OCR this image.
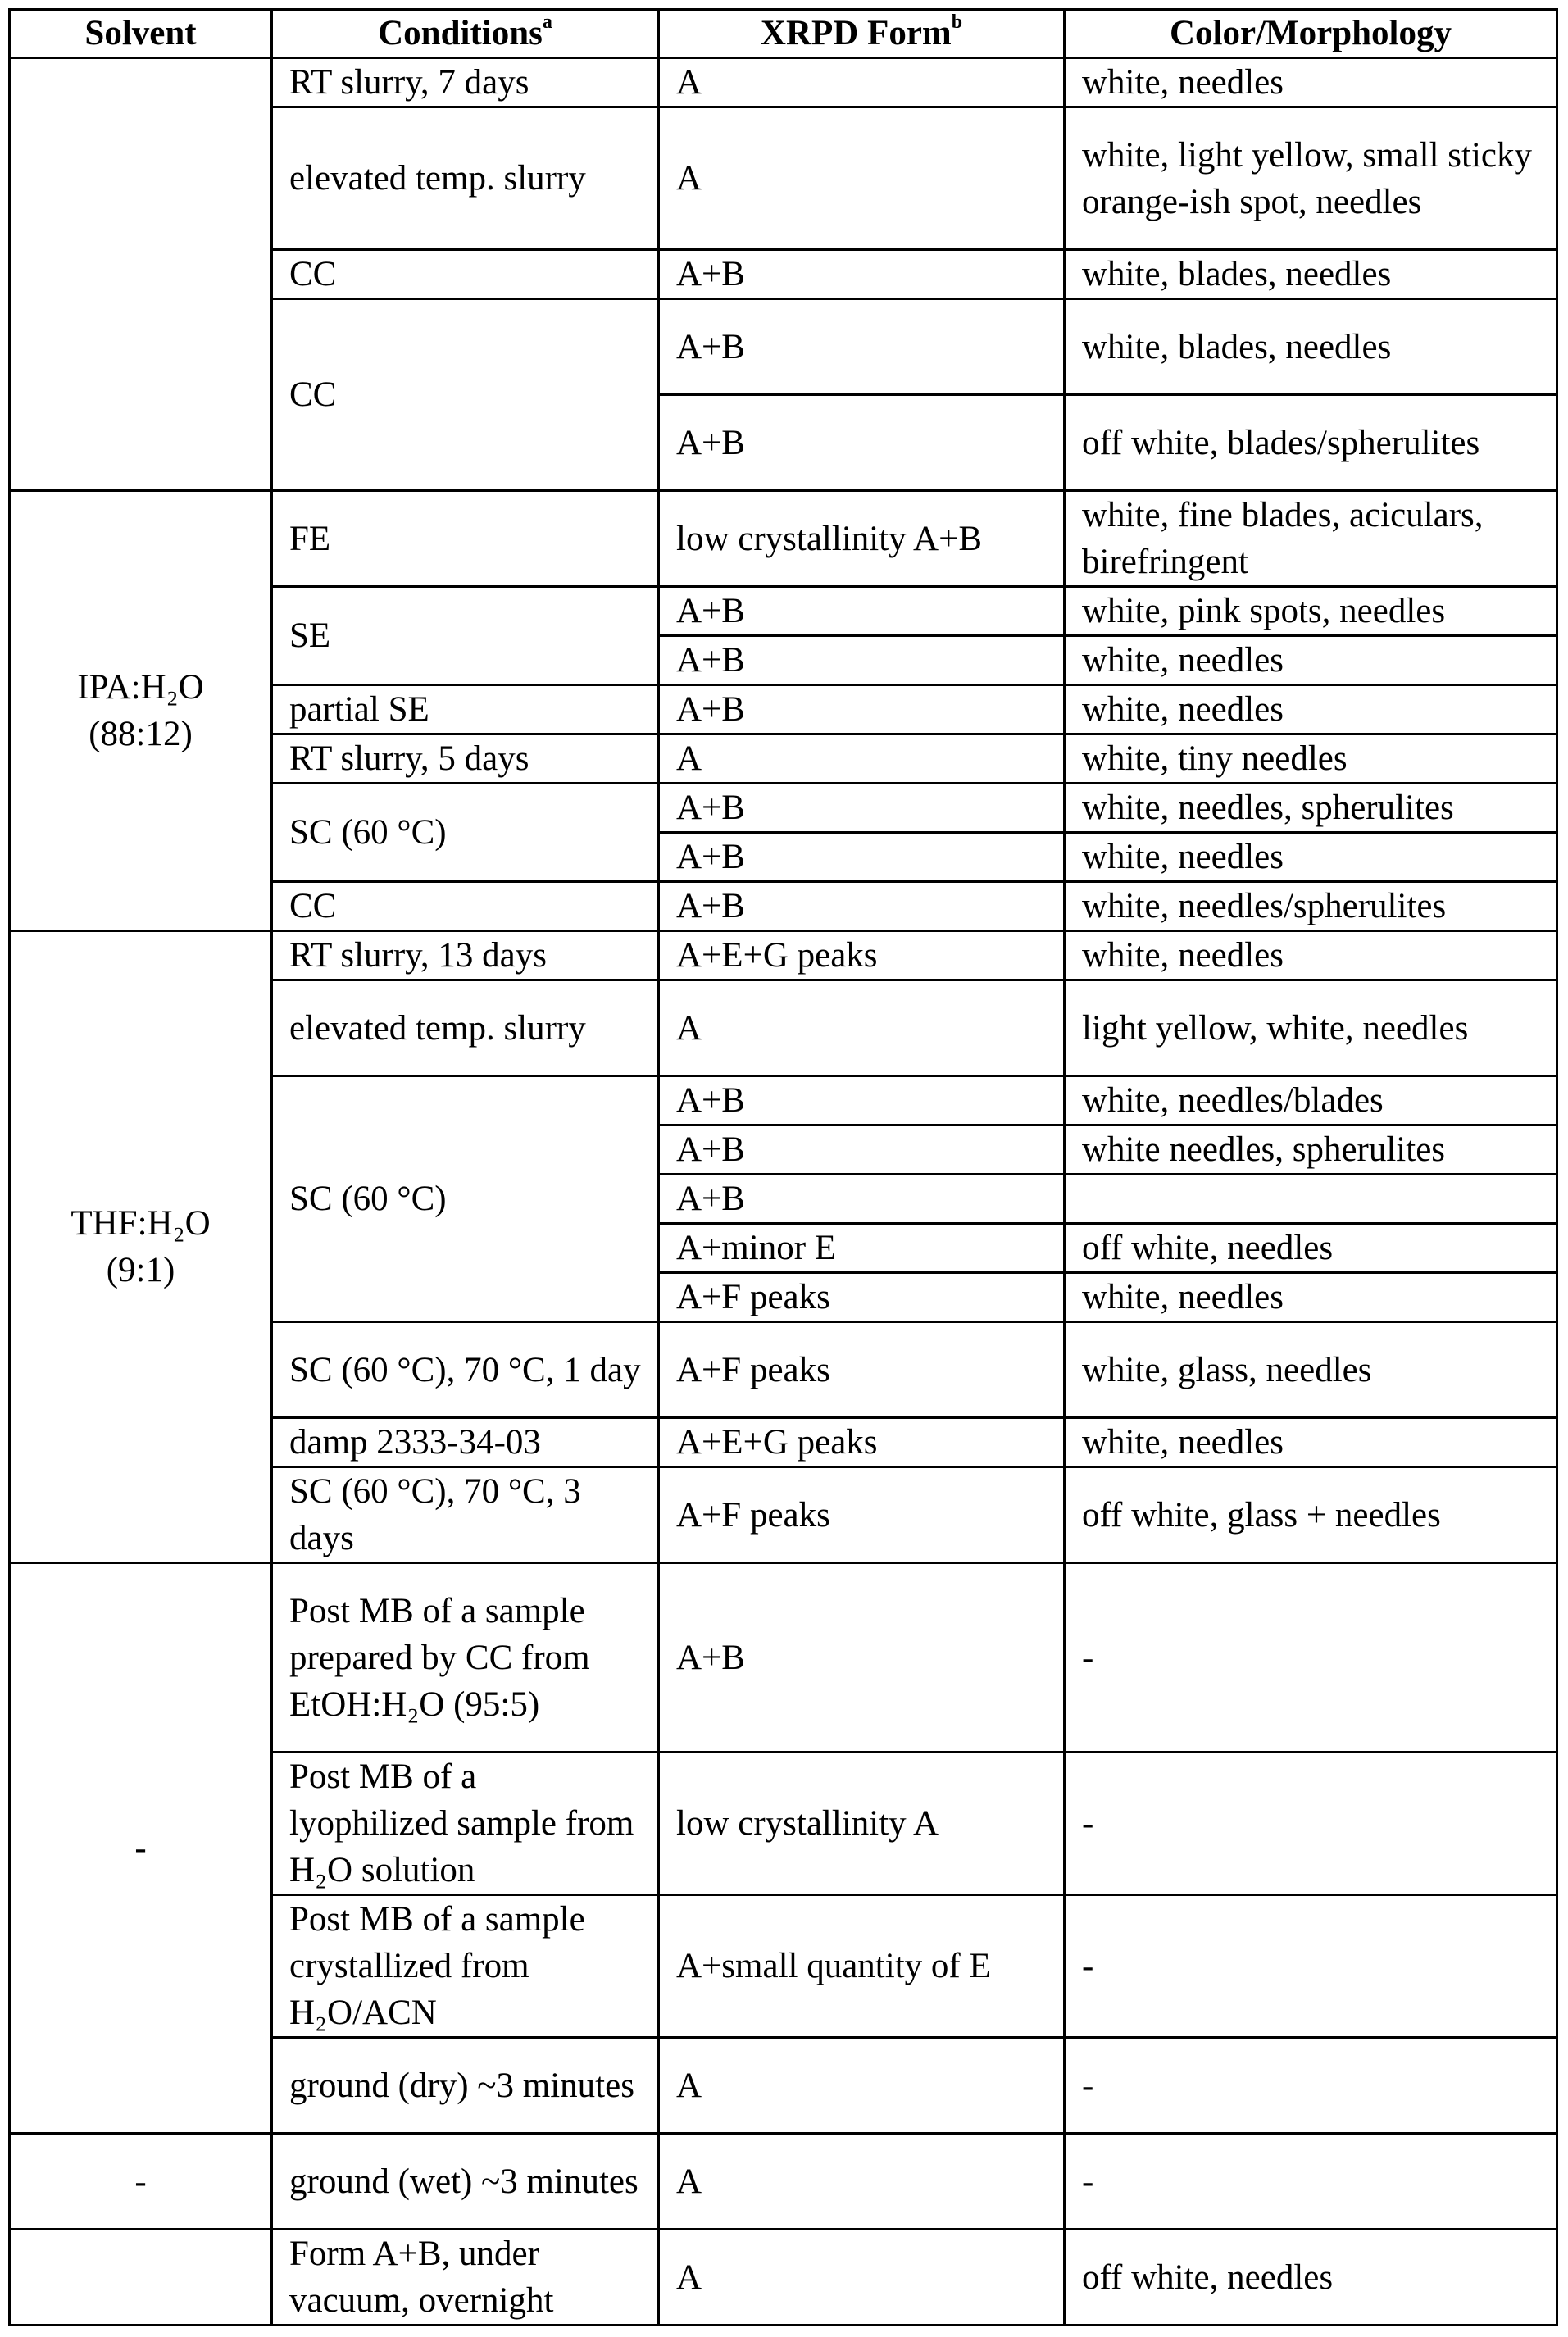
Solvent	Conditions$^a$	XRPD Form$^b$	Color/Morphology
	RT slurry, 7 days	A	white, needles
	elevated temp. slurry	A	white, light yellow, small sticky orange-ish spot, needles
	CC	A+B	white, blades, needles
	CC	A+B	white, blades, needles
		A+B	off white, blades/spherulites

IPA:H₂O
(88:12)	FE	low crystallinity A+B	white, fine blades, aciculars, birefringent
	SE	A+B	white, pink spots, needles
		A+B	white, needles
	partial SE	A+B	white, needles
	RT slurry, 5 days	A	white, tiny needles
	SC (60 °C)	A+B	white, needles, spherulites
		A+B	white, needles
	CC	A+B	white, needles/spherulites

THF:H₂O
(9:1)	RT slurry, 13 days	A+E+G peaks	white, needles
	elevated temp. slurry	A	light yellow, white, needles
	SC (60 °C)	A+B	white, needles/blades
		A+B	white needles, spherulites
		A+B	
		A+minor E	off white, needles
		A+F peaks	white, needles
	SC (60 °C), 70 °C, 1 day	A+F peaks	white, glass, needles
	damp 2333-34-03	A+E+G peaks	white, needles
	SC (60 °C), 70 °C, 3 days	A+F peaks	off white, glass + needles
-	Post MB of a sample prepared by CC from EtOH:H₂O (95:5)	A+B	-
	Post MB of a lyophilized sample from H₂O solution	low crystallinity A	-
	Post MB of a sample crystallized from H₂O/ACN	A+small quantity of E	-
	ground (dry) ~3 minutes	A	-
-	ground (wet) ~3 minutes	A	-
	Form A+B, under vacuum, overnight	A	off white, needles
